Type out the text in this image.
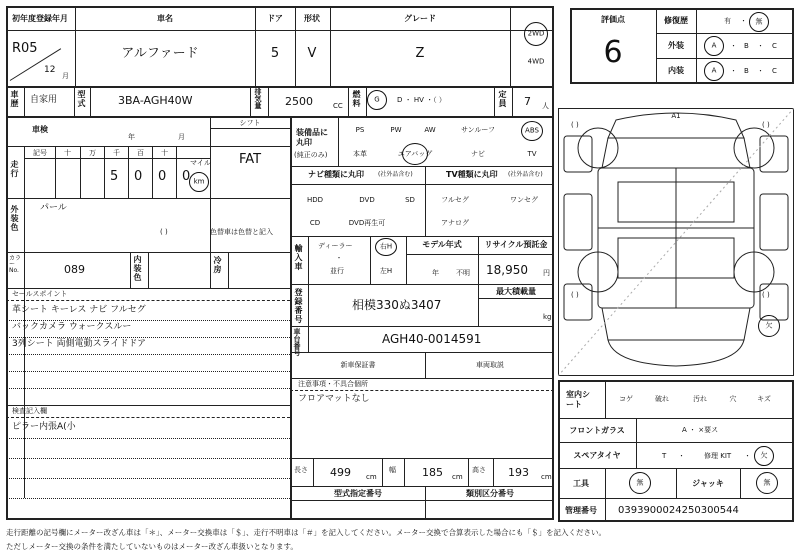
初年度登録年月
R05
12
月
車名
アルファード
ドア
5
形状
V
グレード
Z
2WD
4WD
車歴 自家用 型式	3BA-AGH40W	排気量 2500	CC 燃料 G D ・ HV ・（ ）	定員 7 人
車検
年	月
シフト
FAT
走行
記号 十	万 千 百 十
5 0 0 0
マイル
km
外装色 パール
( )	色替車は色替と記入
カラーNo.	089	内装色	冷房
セールスポイント
革シート キーレス ナビ フルセグ
バックカメラ ウォークスルー
3列シート 両側電動スライドドア
検査記入欄
ピラー内張A(小
装備品に丸印
(純正のみ)
PS	PW	AW	サンルーフ	ABS
本革	エアバッグ	ナビ	TV
ナビ種類に丸印 (社外品含む)	TV種類に丸印 (社外品含む)
HDD	DVD	SD
CD	DVD再生可
フルセグ	ワンセグ
アナログ
輸入車 ディーラー
・
並行
右H
左H
モデル年式
年 不明
リサイクル預託金
18,950 円
登録番号	相模330ぬ3407
最大積載量
kg
車台番号	AGH40-0014591
新車保証書	車両取説
注意事項・不具合個所
フロアマットなし
長さ 499 cm
幅 185 cm
高さ 193 cm
型式指定番号	類別区分番号
評価点
6
修復歴	有 ・ 無
外装	A	B	C
・	・
内装	A	B	C
・	・
A1
( )	( )
( )	( )
欠
室内シート
コゲ	破れ	汚れ	穴	キズ
フロントガラス	A ・ ×要ス
スペアタイヤ	T ・	修理 KIT ・ 欠
工具	無	ジャッキ	無
管理番号 0393900024250300544
走行距離の記号欄にメーター改ざん車は「＊」、メーター交換車は「＄」、走行不明車は「＃」を記入してください。メーター交換で合算表示した場合にも「＄」を記入ください。
ただしメーター交換の条件を満たしていないものはメーター改ざん車扱いとなります。
